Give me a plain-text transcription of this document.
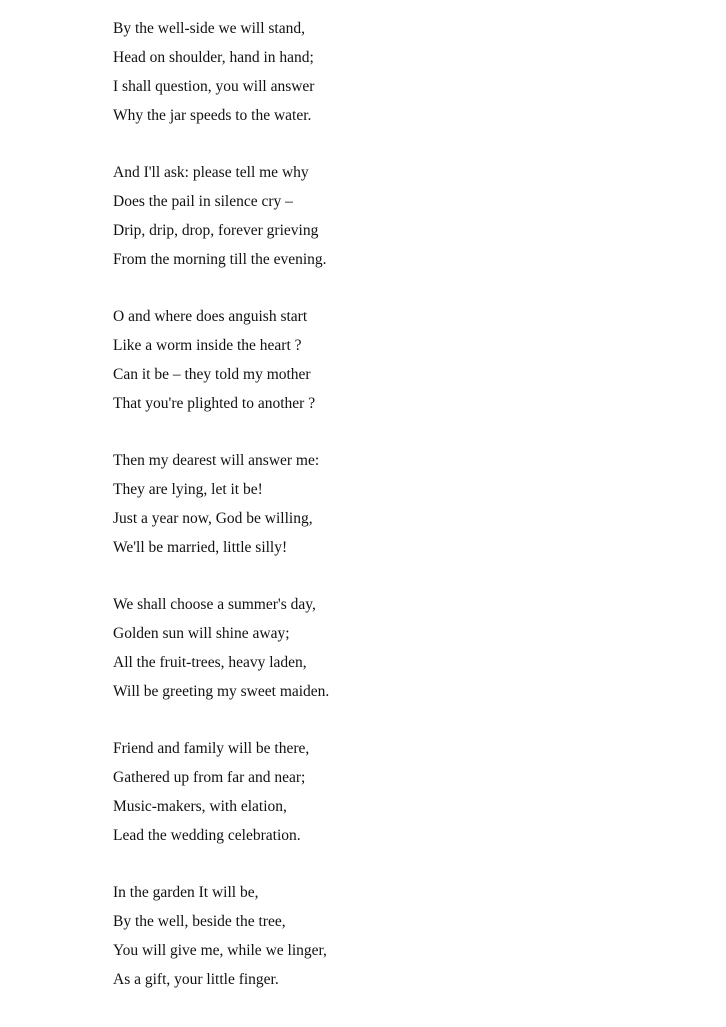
By the well-side we will stand,
Head on shoulder, hand in hand;
I shall question, you will answer
Why the jar speeds to the water.
And I'll ask: please tell me why
Does the pail in silence cry –
Drip, drip, drop, forever grieving
From the morning till the evening.
O and where does anguish start
Like a worm inside the heart ?
Can it be – they told my mother
That you're plighted to another ?
Then my dearest will answer me:
They are lying, let it be!
Just a year now, God be willing,
We'll be married, little silly!
We shall choose a summer's day,
Golden sun will shine away;
All the fruit-trees, heavy laden,
Will be greeting my sweet maiden.
Friend and family will be there,
Gathered up from far and near;
Music-makers, with elation,
Lead the wedding celebration.
In the garden It will be,
By the well, beside the tree,
You will give me, while we linger,
As a gift, your little finger.
